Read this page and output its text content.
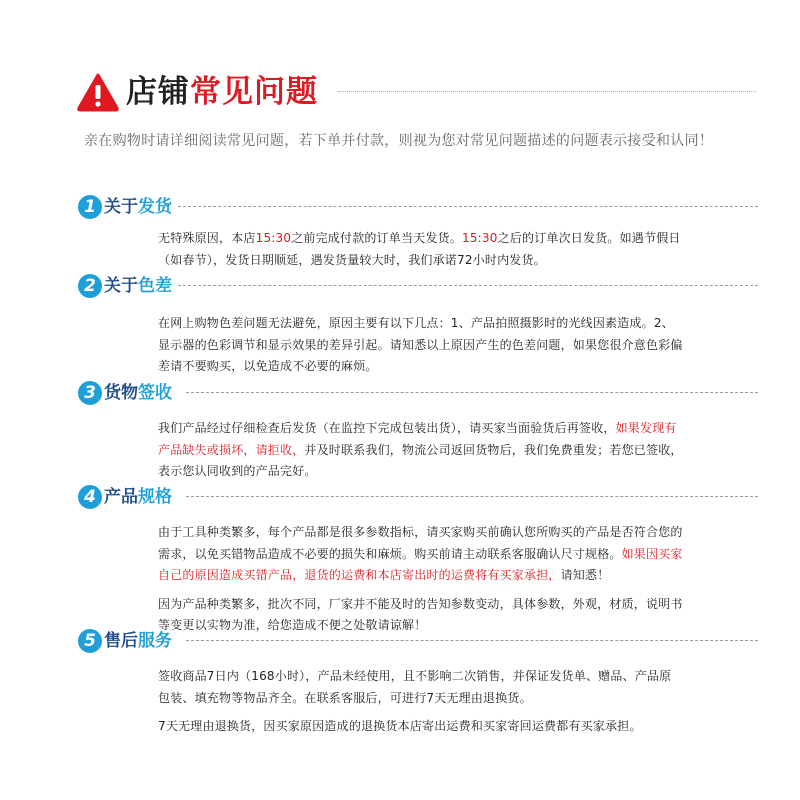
店铺常见问题
亲在购物时请详细阅读常见问题，若下单并付款，则视为您对常见问题描述的问题表示接受和认同！
1 关于发货

无特殊原因，本店15:30之前完成付款的订单当天发货。15:30之后的订单次日发货。如遇节假日（如春节），发货日期顺延，遇发货量较大时，我们承诺72小时内发货。

2 关于色差

在网上购物色差问题无法避免，原因主要有以下几点：1、产品拍照摄影时的光线因素造成。2、显示器的色彩调节和显示效果的差异引起。请知悉以上原因产生的色差问题，如果您很介意色彩偏差请不要购买，以免造成不必要的麻烦。

3 货物签收

我们产品经过仔细检查后发货（在监控下完成包装出货），请买家当面验货后再签收，如果发现有产品缺失或损坏，请拒收，并及时联系我们，物流公司返回货物后，我们免费重发；若您已签收，表示您认同收到的产品完好。

4 产品规格

由于工具种类繁多，每个产品都是很多参数指标，请买家购买前确认您所购买的产品是否符合您的需求，以免买错物品造成不必要的损失和麻烦。购买前请主动联系客服确认尺寸规格。如果因买家自己的原因造成买错产品，退货的运费和本店寄出时的运费将有买家承担，请知悉！

因为产品种类繁多，批次不同，厂家并不能及时的告知参数变动，具体参数，外观，材质，说明书等变更以实物为准，给您造成不便之处敬请谅解！

5 售后服务

签收商品7日内（168小时），产品未经使用，且不影响二次销售，并保证发货单、赠品、产品原包装、填充物等物品齐全。在联系客服后，可进行7天无理由退换货。

7天无理由退换货，因买家原因造成的退换货本店寄出运费和买家寄回运费都有买家承担。
